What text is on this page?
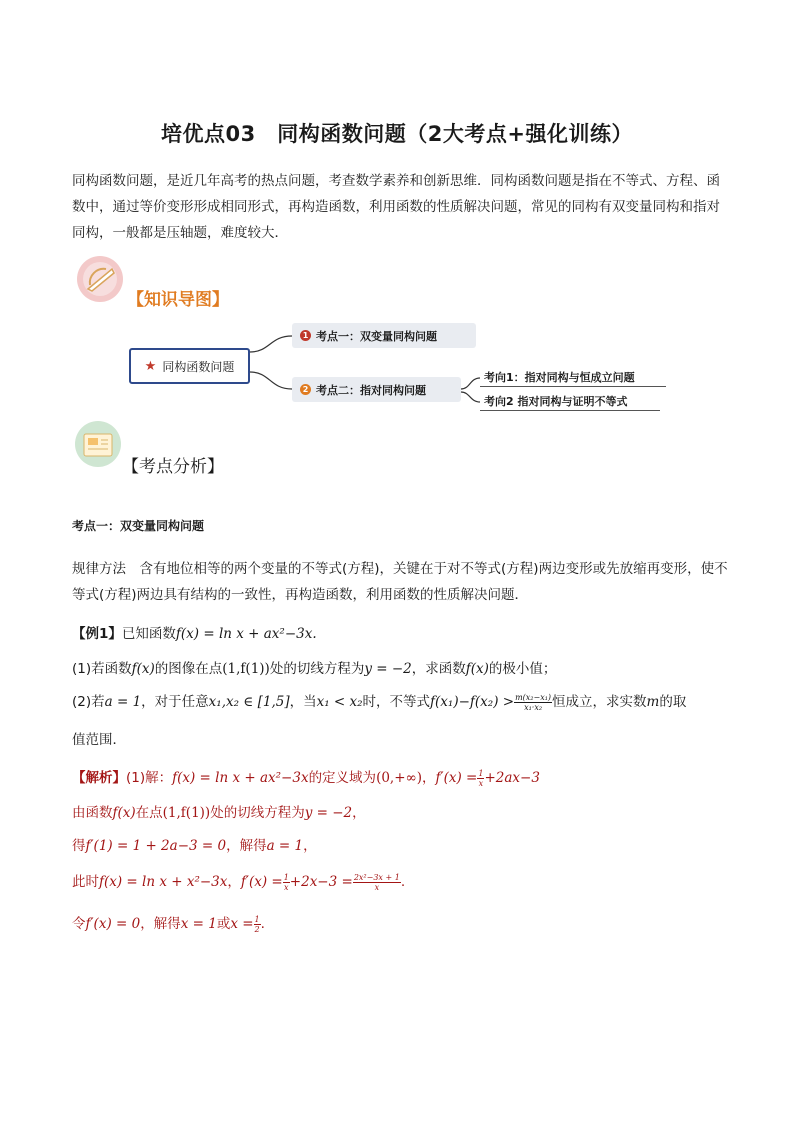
培优点03　同构函数问题（2大考点+强化训练）
同构函数问题，是近几年高考的热点问题，考查数学素养和创新思维．同构函数问题是指在不等式、方程、函数中，通过等价变形形成相同形式，再构造函数，利用函数的性质解决问题，常见的同构有双变量同构和指对同构，一般都是压轴题，难度较大．
【知识导图】
★ 同构函数问题
1 考点一：双变量同构问题
2 考点二：指对同构问题
考向1：指对同构与恒成立问题
考向2 指对同构与证明不等式
【考点分析】
考点一：双变量同构问题
规律方法　含有地位相等的两个变量的不等式(方程)，关键在于对不等式(方程)两边变形或先放缩再变形，使不等式(方程)两边具有结构的一致性，再构造函数，利用函数的性质解决问题．
【例1】已知函数f(x) = ln x + ax²−3x.
(1)若函数f(x)的图像在点(1,f(1))处的切线方程为y = −2，求函数f(x)的极小值；
(2)若a = 1，对于任意x₁,x₂ ∈ [1,5]，当x₁ < x₂时，不等式$f(x_1)-f(x_2) > \frac{\text{m(x₂−x₁)}}{\text{x₁·x₂}}$ 恒成立，求实数m的取
值范围．
【解析】(1)解：f(x) = ln x + ax²−3x的定义域为(0,+∞)，$f'(x) = \frac{1}{x} +2ax-3$
由函数f(x)在点(1,f(1))处的切线方程为y = −2，
得f′(1) = 1 + 2a−3 = 0，解得a = 1，
此时f(x) = ln x + x²−3x，$f'(x) = \frac{1}{x} +2x-3 = \frac{\text{2x²−3x + 1}}{x}$ .
令f′(x) = 0，解得x = 1或$x = \frac{1}{2}$ .
